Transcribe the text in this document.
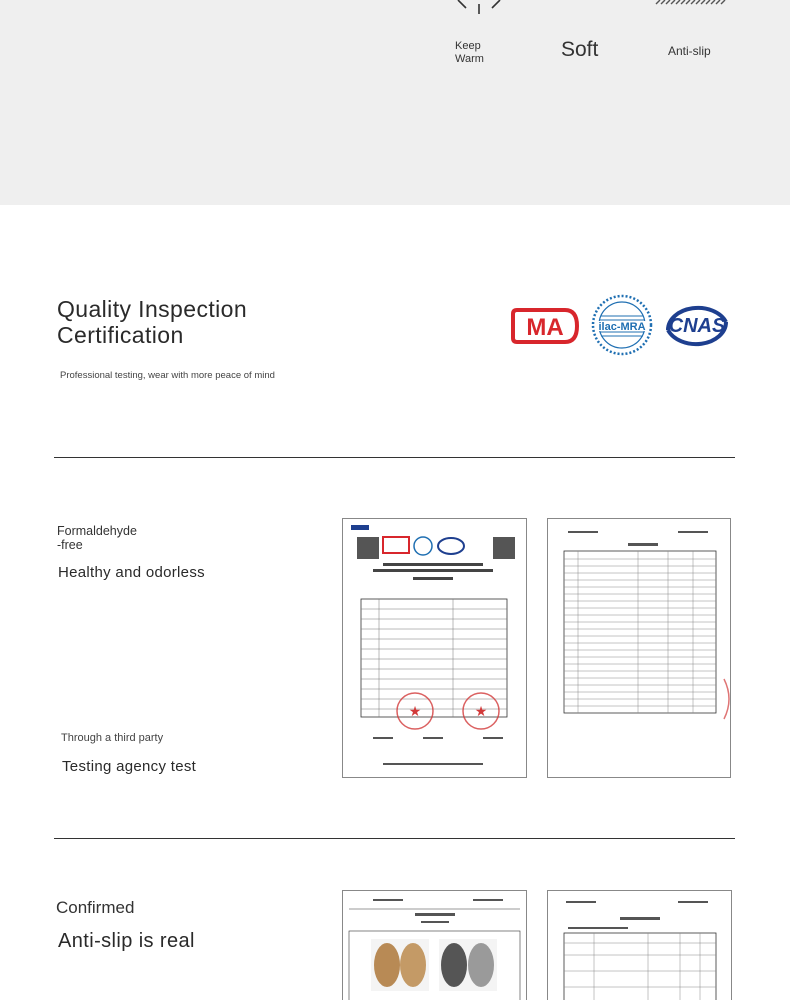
Keep
Warm	Soft	Anti-slip
Quality Inspection
Certification
Professional testing, wear with more peace of mind
MA	ilac-MRA CNAS
Formaldehyde
-free
Healthy and odorless
Through a third party
Testing agency test
★	★
Confirmed
Anti-slip is real
